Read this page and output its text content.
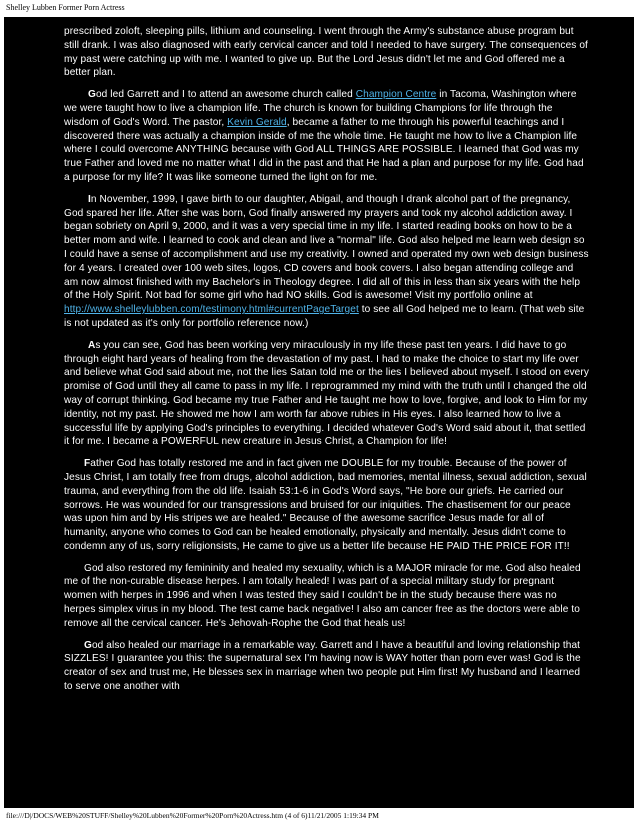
Shelley Lubben Former Porn Actress

prescribed zoloft, sleeping pills, lithium and counseling. I went through the Army's substance abuse program but still drank. I was also diagnosed with early cervical cancer and told I needed to have surgery. The consequences of my past were catching up with me. I wanted to give up. But the Lord Jesus didn't let me and God offered me a better plan.

God led Garrett and I to attend an awesome church called Champion Centre in Tacoma, Washington where we were taught how to live a champion life. The church is known for building Champions for life through the wisdom of God's Word. The pastor, Kevin Gerald, became a father to me through his powerful teachings and I discovered there was actually a champion inside of me the whole time. He taught me how to live a Champion life where I could overcome ANYTHING because with God ALL THINGS ARE POSSIBLE. I learned that God was my true Father and loved me no matter what I did in the past and that He had a plan and purpose for my life. God had a purpose for my life? It was like someone turned the light on for me.

In November, 1999, I gave birth to our daughter, Abigail, and though I drank alcohol part of the pregnancy, God spared her life. After she was born, God finally answered my prayers and took my alcohol addiction away. I began sobriety on April 9, 2000, and it was a very special time in my life. I started reading books on how to be a better mom and wife. I learned to cook and clean and live a "normal" life. God also helped me learn web design so I could have a sense of accomplishment and use my creativity. I owned and operated my own web design business for 4 years. I created over 100 web sites, logos, CD covers and book covers. I also began attending college and am now almost finished with my Bachelor's in Theology degree. I did all of this in less than six years with the help of the Holy Spirit. Not bad for some girl who had NO skills. God is awesome! Visit my portfolio online at http://www.shelleylubben.com/testimony.html#currentPageTarget to see all God helped me to learn. (That web site is not updated as it's only for portfolio reference now.)

As you can see, God has been working very miraculously in my life these past ten years. I did have to go through eight hard years of healing from the devastation of my past. I had to make the choice to start my life over and believe what God said about me, not the lies Satan told me or the lies I believed about myself. I stood on every promise of God until they all came to pass in my life. I reprogrammed my mind with the truth until I changed the old way of corrupt thinking. God became my true Father and He taught me how to love, forgive, and look to Him for my identity, not my past. He showed me how I am worth far above rubies in His eyes. I also learned how to live a successful life by applying God's principles to everything. I decided whatever God's Word said about it, that settled it for me. I became a POWERFUL new creature in Jesus Christ, a Champion for life!

Father God has totally restored me and in fact given me DOUBLE for my trouble. Because of the power of Jesus Christ, I am totally free from drugs, alcohol addiction, bad memories, mental illness, sexual addiction, sexual trauma, and everything from the old life. Isaiah 53:1-6 in God's Word says, "He bore our griefs. He carried our sorrows. He was wounded for our transgressions and bruised for our iniquities. The chastisement for our peace was upon him and by His stripes we are healed." Because of the awesome sacrifice Jesus made for all of humanity, anyone who comes to God can be healed emotionally, physically and mentally. Jesus didn't come to condemn any of us, sorry religionsists, He came to give us a better life because HE PAID THE PRICE FOR IT!!

God also restored my femininity and healed my sexuality, which is a MAJOR miracle for me. God also healed me of the non-curable disease herpes. I am totally healed! I was part of a special military study for pregnant women with herpes in 1996 and when I was tested they said I couldn't be in the study because there was no herpes simplex virus in my blood. The test came back negative! I also am cancer free as the doctors were able to remove all the cervical cancer. He's Jehovah-Rophe the God that heals us!

God also healed our marriage in a remarkable way. Garrett and I have a beautiful and loving relationship that SIZZLES! I guarantee you this: the supernatural sex I'm having now is WAY hotter than porn ever was! God is the creator of sex and trust me, He blesses sex in marriage when two people put Him first! My husband and I learned to serve one another with

file:///D|/DOCS/WEB%20STUFF/Shelley%20Lubben%20Former%20Porn%20Actress.htm (4 of 6)11/21/2005 1:19:34 PM
